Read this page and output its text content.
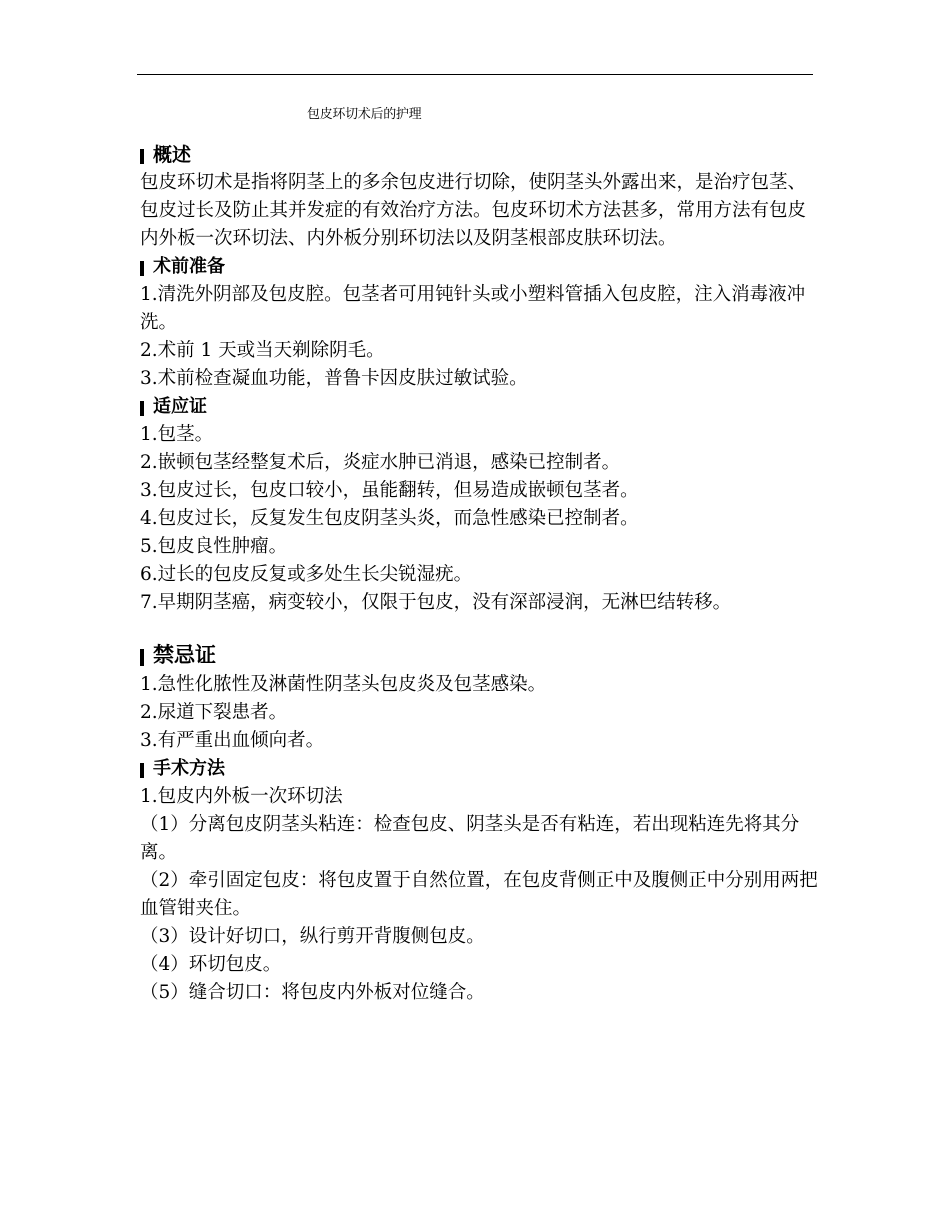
包皮环切术后的护理
概述

包皮环切术是指将阴茎上的多余包皮进行切除，使阴茎头外露出来，是治疗包茎、包皮过长及防止其并发症的有效治疗方法。包皮环切术方法甚多，常用方法有包皮内外板一次环切法、内外板分别环切法以及阴茎根部皮肤环切法。

术前准备

1.清洗外阴部及包皮腔。包茎者可用钝针头或小塑料管插入包皮腔，注入消毒液冲洗。

2.术前 1 天或当天剃除阴毛。

3.术前检查凝血功能，普鲁卡因皮肤过敏试验。

适应证

1.包茎。

2.嵌顿包茎经整复术后，炎症水肿已消退，感染已控制者。

3.包皮过长，包皮口较小，虽能翻转，但易造成嵌顿包茎者。

4.包皮过长，反复发生包皮阴茎头炎，而急性感染已控制者。

5.包皮良性肿瘤。

6.过长的包皮反复或多处生长尖锐湿疣。

7.早期阴茎癌，病变较小，仅限于包皮，没有深部浸润，无淋巴结转移。

禁忌证

1.急性化脓性及淋菌性阴茎头包皮炎及包茎感染。

2.尿道下裂患者。

3.有严重出血倾向者。

手术方法

1.包皮内外板一次环切法

（1）分离包皮阴茎头粘连：检查包皮、阴茎头是否有粘连，若出现粘连先将其分离。

（2）牵引固定包皮：将包皮置于自然位置，在包皮背侧正中及腹侧正中分别用两把血管钳夹住。

（3）设计好切口，纵行剪开背腹侧包皮。

（4）环切包皮。

（5）缝合切口：将包皮内外板对位缝合。
